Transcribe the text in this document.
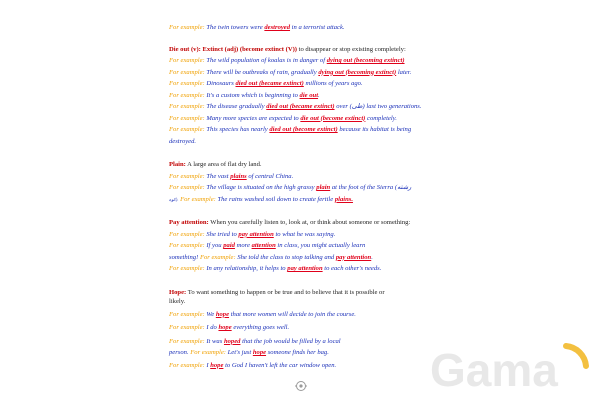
For example: The twin towers were destroyed in a terrorist attack.

Die out (v): Extinct (adj) (become extinct (V)) to disappear or stop existing completely:

For example: The wild population of koalas is in danger of dying out (becoming extinct)

For example: There will be outbreaks of rain, gradually dying out (becoming extinct) later.

For example: Dinosaurs died out (became extinct) millions of years ago.

For example: It's a custom which is beginning to die out.

For example: The disease gradually died out (became extinct) over (طی) last two generations.

For example: Many more species are expected to die out (become extinct) completely.

For example: This species has nearly died out (become extinct) because its habitat is being destroyed.

Plain: A large area of flat dry land.

For example: The vast plains of central China.

For example: The village is situated on the high grassy plain at the foot of the Sierra (رشته

کوه). For example: The rains washed soil down to create fertile plains.

Pay attention: When you carefully listen to, look at, or think about someone or something:

For example: She tried to pay attention to what he was saying.

For example: If you paid more attention in class, you might actually learn something! For example: She told the class to stop talking and pay attention.

For example: In any relationship, it helps to pay attention to each other's needs.

Hope: To want something to happen or be true and to believe that it is possible or likely.

For example: We hope that more women will decide to join the course.

For example: I do hope everything goes well.

For example: It was hoped that the job would be filled by a local person. For example: Let's just hope someone finds her bag.

For example: I hope to God I haven't left the car window open.	Gama
